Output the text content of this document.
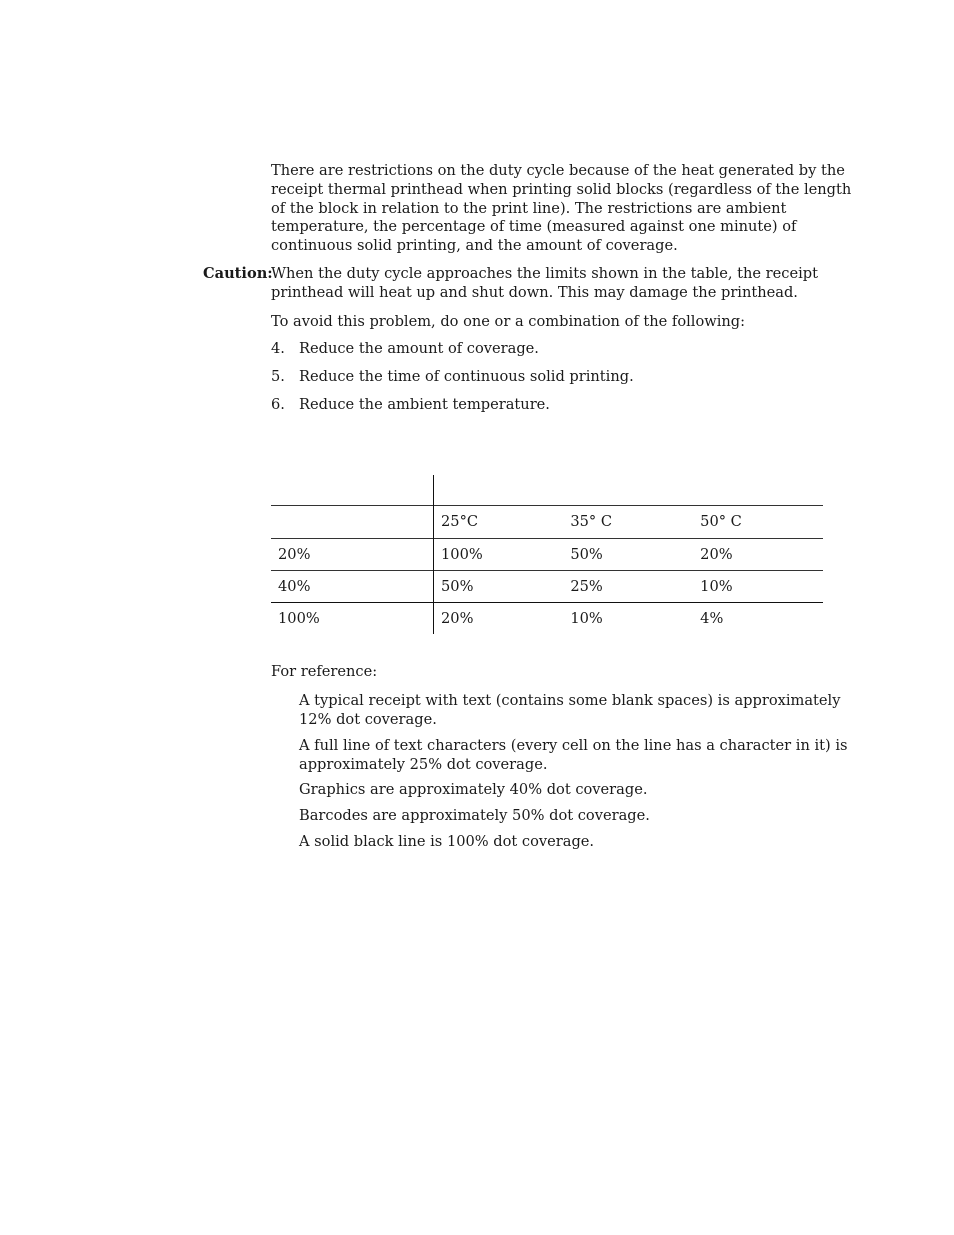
There are restrictions on the duty cycle because of the heat generated by the receipt thermal printhead when printing solid blocks (regardless of the length of the block in relation to the print line). The restrictions are ambient temperature, the percentage of time (measured against one minute) of continuous solid printing, and the amount of coverage.

Caution:

When the duty cycle approaches the limits shown in the table, the receipt printhead will heat up and shut down. This may damage the printhead.

To avoid this problem, do one or a combination of the following:

4. Reduce the amount of coverage.
5. Reduce the time of continuous solid printing.
6. Reduce the ambient temperature.

	25°C	35° C	50° C
20%	100%	50%	20%
40%	50%	25%	10%
100%	20%	10%	4%
For reference:
A typical receipt with text (contains some blank spaces) is approximately 12% dot coverage.
A full line of text characters (every cell on the line has a character in it) is approximately 25% dot coverage.
Graphics are approximately 40% dot coverage.
Barcodes are approximately 50% dot coverage.
A solid black line is 100% dot coverage.
